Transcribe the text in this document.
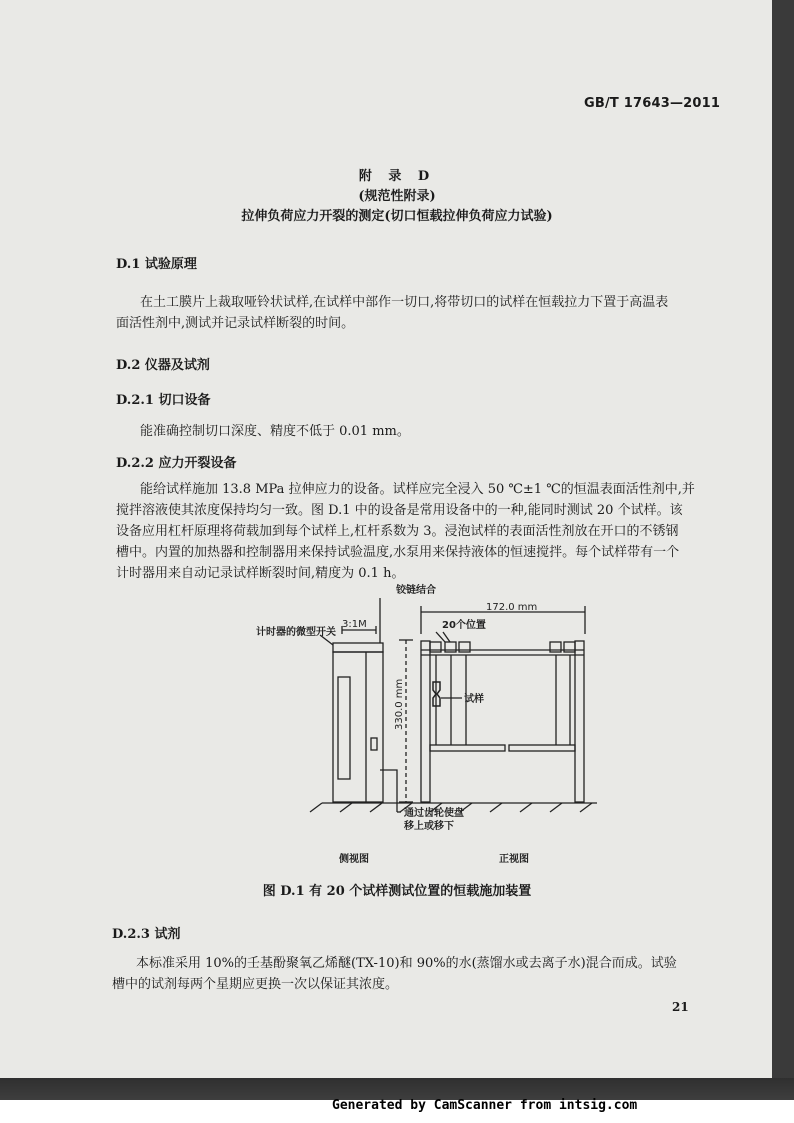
GB/T 17643—2011
附 录 D
(规范性附录)
拉伸负荷应力开裂的测定(切口恒载拉伸负荷应力试验)
D.1 试验原理
在土工膜片上裁取哑铃状试样,在试样中部作一切口,将带切口的试样在恒载拉力下置于高温表
面活性剂中,测试并记录试样断裂的时间。
D.2 仪器及试剂
D.2.1 切口设备
能准确控制切口深度、精度不低于 0.01 mm。
D.2.2 应力开裂设备
能给试样施加 13.8 MPa 拉伸应力的设备。试样应完全浸入 50 ℃±1 ℃的恒温表面活性剂中,并
搅拌溶液使其浓度保持均匀一致。图 D.1 中的设备是常用设备中的一种,能同时测试 20 个试样。该
设备应用杠杆原理将荷载加到每个试样上,杠杆系数为 3。浸泡试样的表面活性剂放在开口的不锈钢
槽中。内置的加热器和控制器用来保持试验温度,水泵用来保持液体的恒速搅拌。每个试样带有一个
计时器用来自动记录试样断裂时间,精度为 0.1 h。
铰链结合
172.0 mm
3:1M
计时器的微型开关
20个位置
试样
330.0 mm
通过齿轮使盘
移上或移下
侧视图	正视图
图 D.1 有 20 个试样测试位置的恒载施加装置
D.2.3 试剂
本标准采用 10%的壬基酚聚氧乙烯醚(TX-10)和 90%的水(蒸馏水或去离子水)混合而成。试验
槽中的试剂每两个星期应更换一次以保证其浓度。
21
Generated by CamScanner from intsig.com
